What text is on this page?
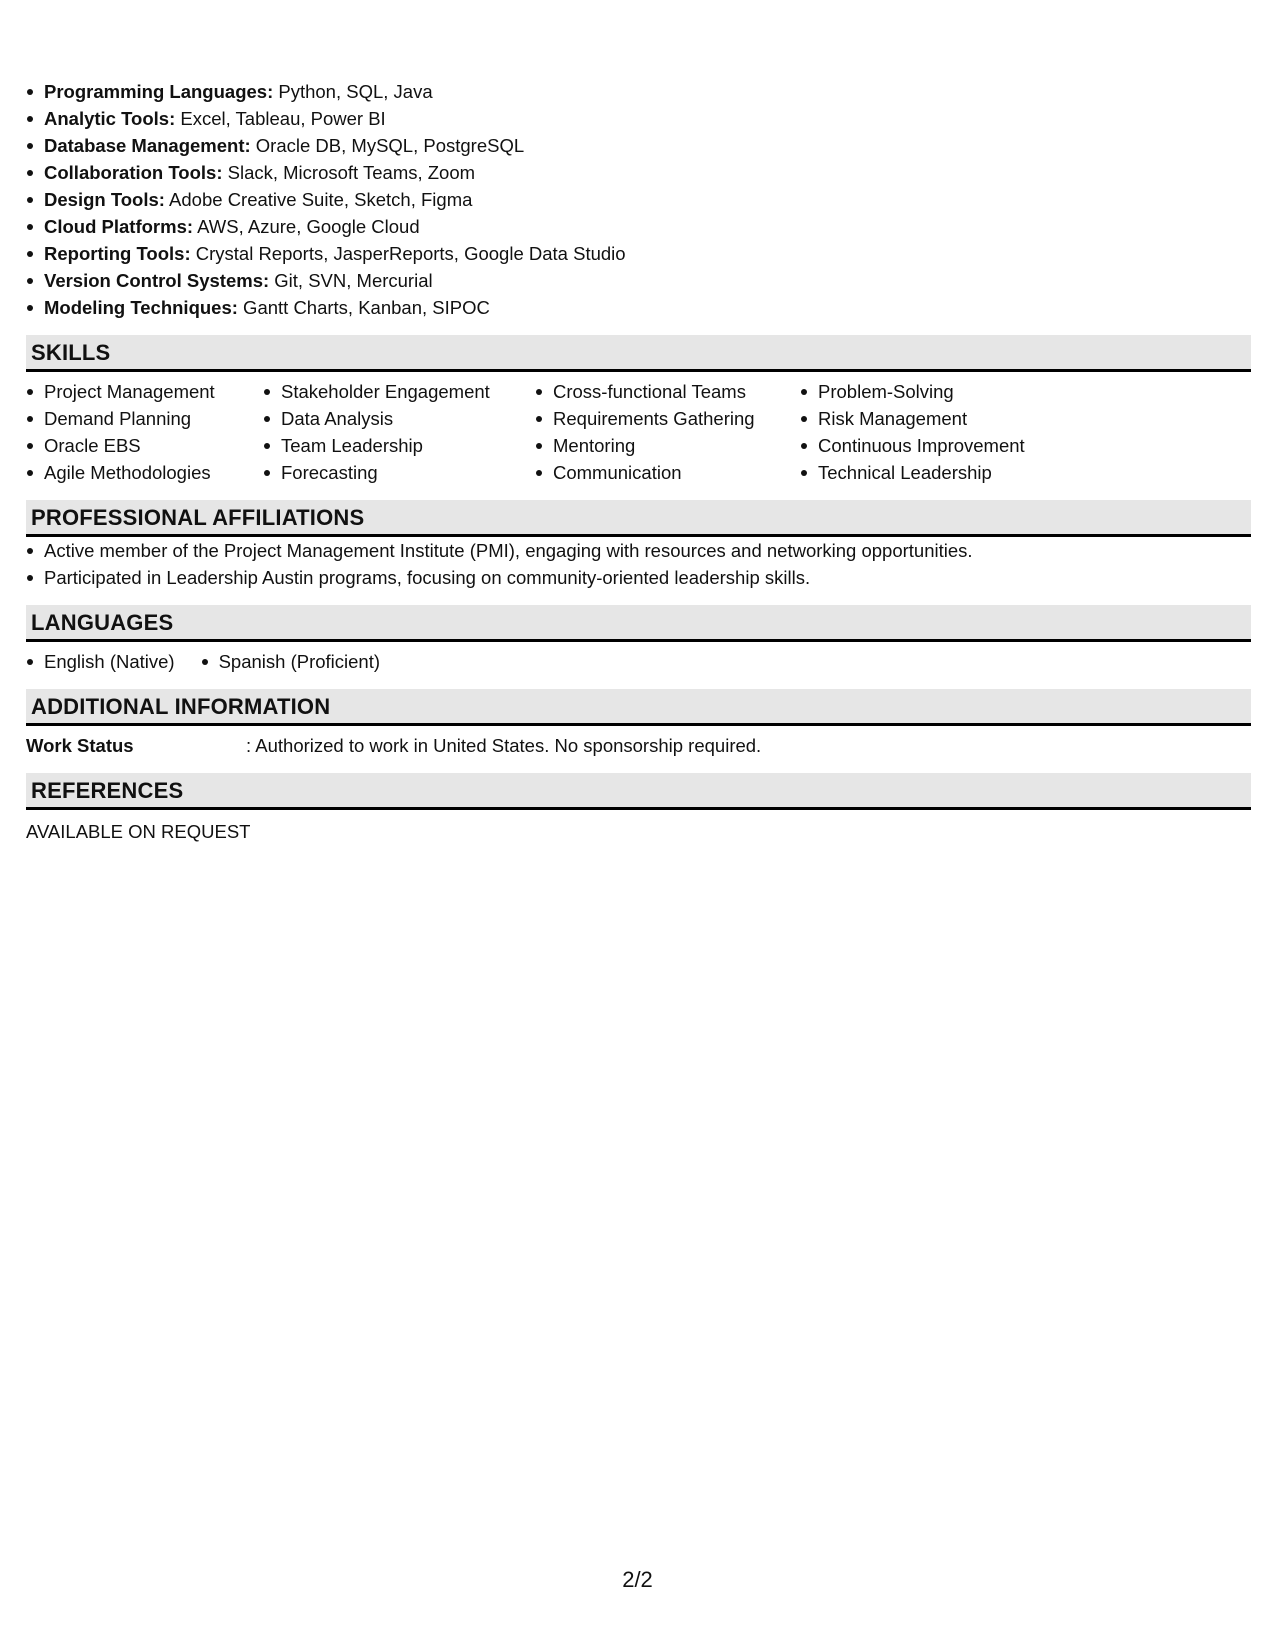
Programming Languages: Python, SQL, Java
Analytic Tools: Excel, Tableau, Power BI
Database Management: Oracle DB, MySQL, PostgreSQL
Collaboration Tools: Slack, Microsoft Teams, Zoom
Design Tools: Adobe Creative Suite, Sketch, Figma
Cloud Platforms: AWS, Azure, Google Cloud
Reporting Tools: Crystal Reports, JasperReports, Google Data Studio
Version Control Systems: Git, SVN, Mercurial
Modeling Techniques: Gantt Charts, Kanban, SIPOC
SKILLS
Project Management
Demand Planning
Oracle EBS
Agile Methodologies
Stakeholder Engagement
Data Analysis
Team Leadership
Forecasting
Cross-functional Teams
Requirements Gathering
Mentoring
Communication
Problem-Solving
Risk Management
Continuous Improvement
Technical Leadership
PROFESSIONAL AFFILIATIONS
Active member of the Project Management Institute (PMI), engaging with resources and networking opportunities.
Participated in Leadership Austin programs, focusing on community-oriented leadership skills.
LANGUAGES
English (Native) Spanish (Proficient)
ADDITIONAL INFORMATION
Work Status	: Authorized to work in United States. No sponsorship required.
REFERENCES
AVAILABLE ON REQUEST
2/2
